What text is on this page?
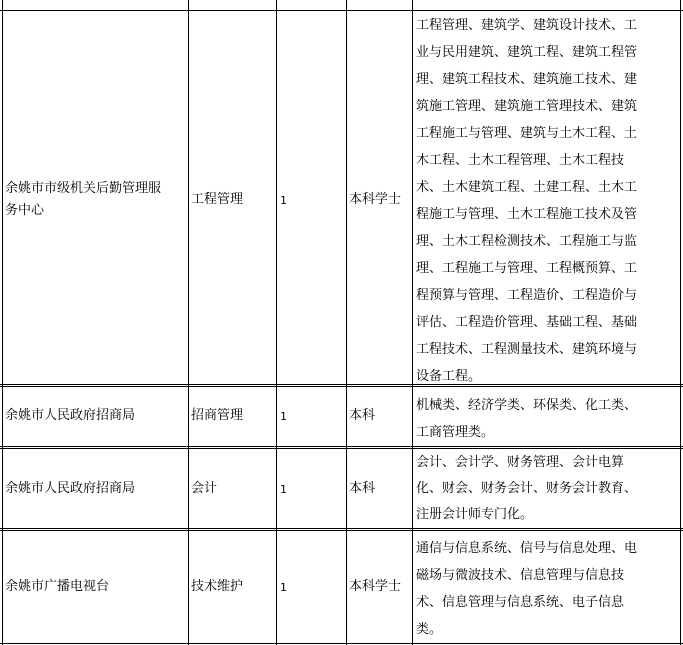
余姚市市级机关后勤管理服
务中心
工程管理	1	本科学士
工程管理、建筑学、建筑设计技术、工
业与民用建筑、建筑工程、建筑工程管
理、建筑工程技术、建筑施工技术、建
筑施工管理、建筑施工管理技术、建筑
工程施工与管理、建筑与土木工程、土
木工程、土木工程管理、土木工程技
术、土木建筑工程、土建工程、土木工
程施工与管理、土木工程施工技术及管
理、土木工程检测技术、工程施工与监
理、工程施工与管理、工程概预算、工
程预算与管理、工程造价、工程造价与
评估、工程造价管理、基础工程、基础
工程技术、工程测量技术、建筑环境与
设备工程。
余姚市人民政府招商局	招商管理	1	本科
机械类、经济学类、环保类、化工类、
工商管理类。
余姚市人民政府招商局	会计	1	本科
会计、会计学、财务管理、会计电算
化、财会、财务会计、财务会计教育、
注册会计师专门化。
余姚市广播电视台	技术维护	1	本科学士
通信与信息系统、信号与信息处理、电
磁场与微波技术、信息管理与信息技
术、信息管理与信息系统、电子信息
类。
